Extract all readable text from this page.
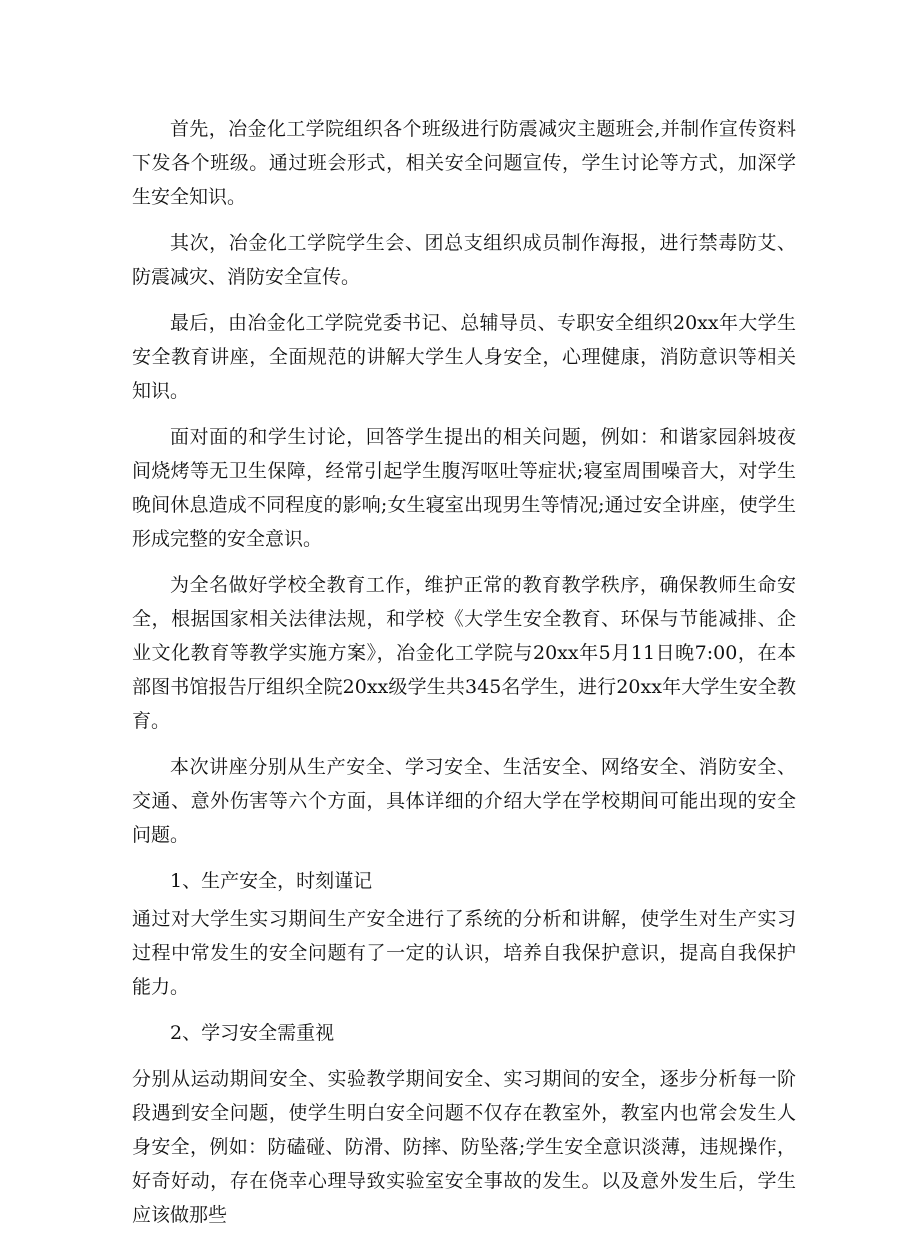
首先，冶金化工学院组织各个班级进行防震减灾主题班会,并制作宣传资料下发各个班级。通过班会形式，相关安全问题宣传，学生讨论等方式，加深学生安全知识。

其次，冶金化工学院学生会、团总支组织成员制作海报，进行禁毒防艾、防震减灾、消防安全宣传。

最后，由冶金化工学院党委书记、总辅导员、专职安全组织20xx年大学生安全教育讲座，全面规范的讲解大学生人身安全，心理健康，消防意识等相关知识。

面对面的和学生讨论，回答学生提出的相关问题，例如：和谐家园斜坡夜间烧烤等无卫生保障，经常引起学生腹泻呕吐等症状;寝室周围噪音大，对学生晚间休息造成不同程度的影响;女生寝室出现男生等情况;通过安全讲座，使学生形成完整的安全意识。

为全名做好学校全教育工作，维护正常的教育教学秩序，确保教师生命安全，根据国家相关法律法规，和学校《大学生安全教育、环保与节能减排、企业文化教育等教学实施方案》，冶金化工学院与20xx年5月11日晚7:00，在本部图书馆报告厅组织全院20xx级学生共345名学生，进行20xx年大学生安全教育。

本次讲座分别从生产安全、学习安全、生活安全、网络安全、消防安全、交通、意外伤害等六个方面，具体详细的介绍大学在学校期间可能出现的安全问题。

1、生产安全，时刻谨记

通过对大学生实习期间生产安全进行了系统的分析和讲解，使学生对生产实习过程中常发生的安全问题有了一定的认识，培养自我保护意识，提高自我保护能力。

2、学习安全需重视

分别从运动期间安全、实验教学期间安全、实习期间的安全，逐步分析每一阶段遇到安全问题，使学生明白安全问题不仅存在教室外，教室内也常会发生人身安全，例如：防磕碰、防滑、防摔、防坠落;学生安全意识淡薄，违规操作，好奇好动，存在侥幸心理导致实验室安全事故的发生。以及意外发生后，学生应该做那些
